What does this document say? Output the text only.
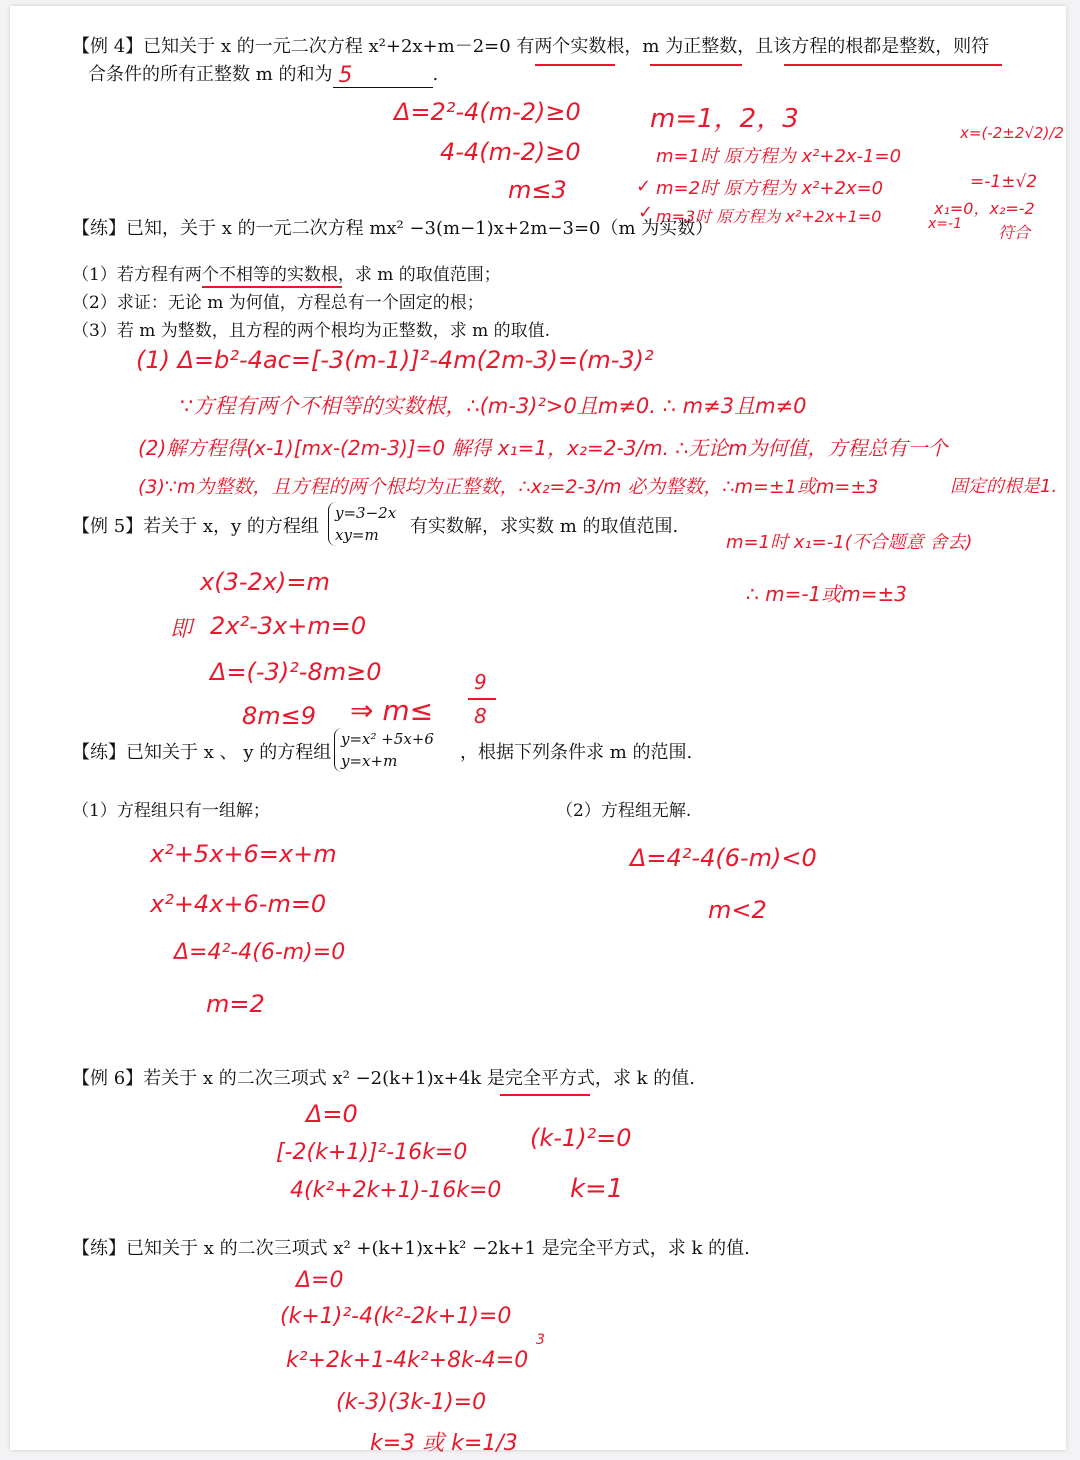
【例 4】已知关于 x 的一元二次方程 x²+2x+m－2=0 有两个实数根，m 为正整数，且该方程的根都是整数，则符
合条件的所有正整数 m 的和为 5	.
Δ=2²-4(m-2)≥0
4-4(m-2)≥0
m≤3
m=1，2，3
m=1时 原方程为 x²+2x-1=0
m=2时 原方程为 x²+2x=0
m=3时 原方程为 x²+2x+1=0
✓
✓
x=(-2±2√2)/2
=-1±√2
x₁=0，x₂=-2
x=-1 符合
【练】已知，关于 x 的一元二次方程 mx² −3(m−1)x+2m−3=0（m 为实数）
（1）若方程有两个不相等的实数根，求 m 的取值范围；
（2）求证：无论 m 为何值，方程总有一个固定的根；
（3）若 m 为整数，且方程的两个根均为正整数，求 m 的取值.
(1) Δ=b²-4ac=[-3(m-1)]²-4m(2m-3)=(m-3)²
∵方程有两个不相等的实数根，∴(m-3)²>0且m≠0. ∴ m≠3且m≠0
(2)解方程得(x-1)[mx-(2m-3)]=0 解得 x₁=1，x₂=2-3/m. ∴无论m为何值，方程总有一个
固定的根是1.
(3)∵m为整数，且方程的两个根均为正整数，∴x₂=2-3/m 必为整数，∴m=±1或m=±3
m=1时 x₁=-1(不合题意 舍去)
∴ m=-1或m=±3
【例 5】若关于 x，y 的方程组
y=3−2x
xy=m	有实数解，求实数 m 的取值范围.
x(3-2x)=m
即 2x²-3x+m=0
Δ=(-3)²-8m≥0
8m≤9 ⇒ m≤
9
8
【练】已知关于 x 、 y 的方程组
y=x² +5x+6
y=x+m	，根据下列条件求 m 的范围.
（1）方程组只有一组解；	（2）方程组无解.
x²+5x+6=x+m
x²+4x+6-m=0
Δ=4²-4(6-m)=0
m=2
Δ=4²-4(6-m)<0
m<2
【例 6】若关于 x 的二次三项式 x² −2(k+1)x+4k 是完全平方式，求 k 的值.
Δ=0
[-2(k+1)]²-16k=0
4(k²+2k+1)-16k=0
(k-1)²=0
k=1
【练】已知关于 x 的二次三项式 x² +(k+1)x+k² −2k+1 是完全平方式，求 k 的值.
Δ=0
(k+1)²-4(k²-2k+1)=0
k²+2k+1-4k²+8k-4=0
3
(k-3)(3k-1)=0
k=3 或 k=1/3
